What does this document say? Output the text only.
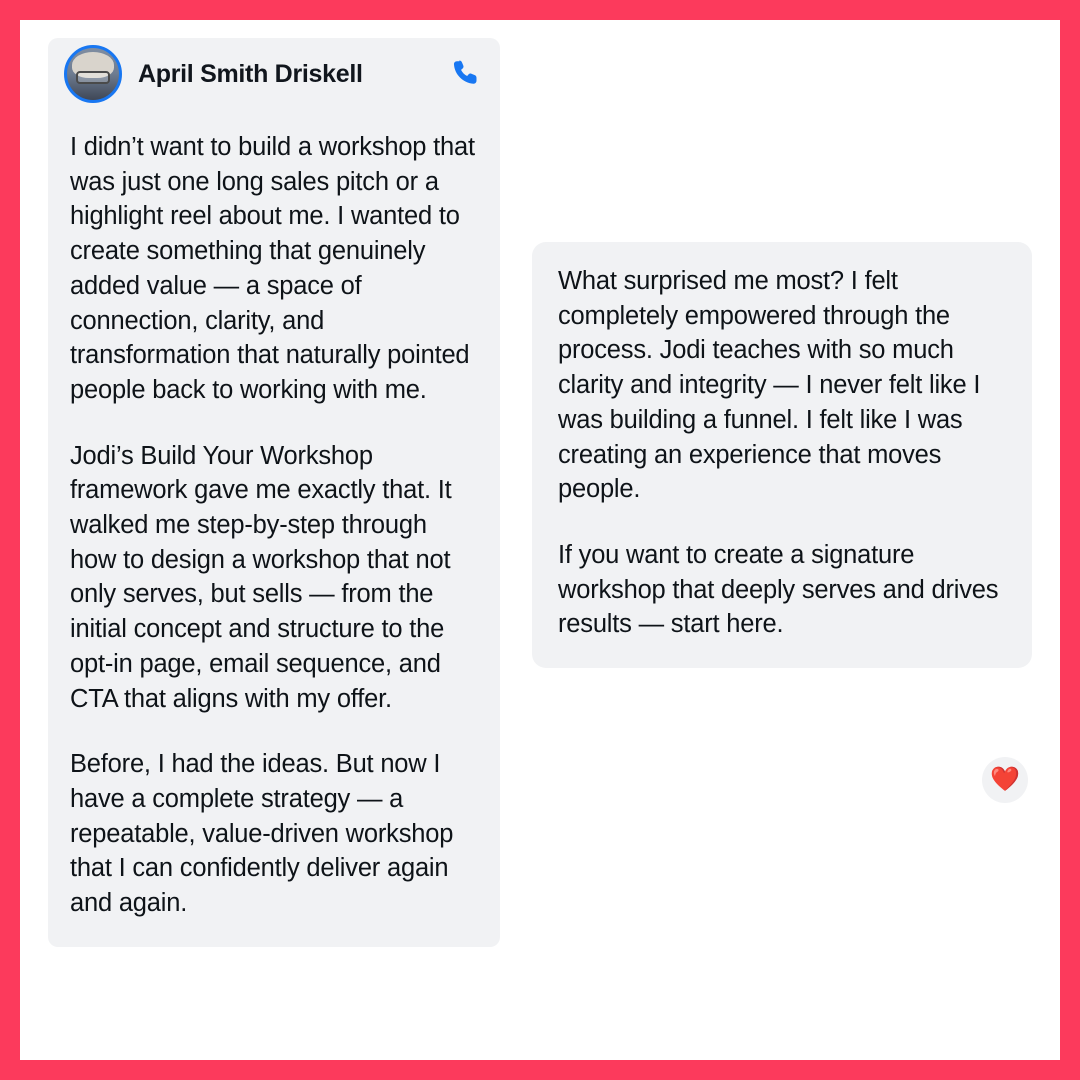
April Smith Driskell

I didn’t want to build a workshop that was just one long sales pitch or a highlight reel about me. I wanted to create something that genuinely added value — a space of connection, clarity, and transformation that naturally pointed people back to working with me.

Jodi’s Build Your Workshop framework gave me exactly that. It walked me step-by-step through how to design a workshop that not only serves, but sells — from the initial concept and structure to the opt-in page, email sequence, and CTA that aligns with my offer.

Before, I had the ideas. But now I have a complete strategy — a repeatable, value-driven workshop that I can confidently deliver again and again.

What surprised me most? I felt completely empowered through the process. Jodi teaches with so much clarity and integrity — I never felt like I was building a funnel. I felt like I was creating an experience that moves people.

If you want to create a signature workshop that deeply serves and drives results — start here.

❤️
